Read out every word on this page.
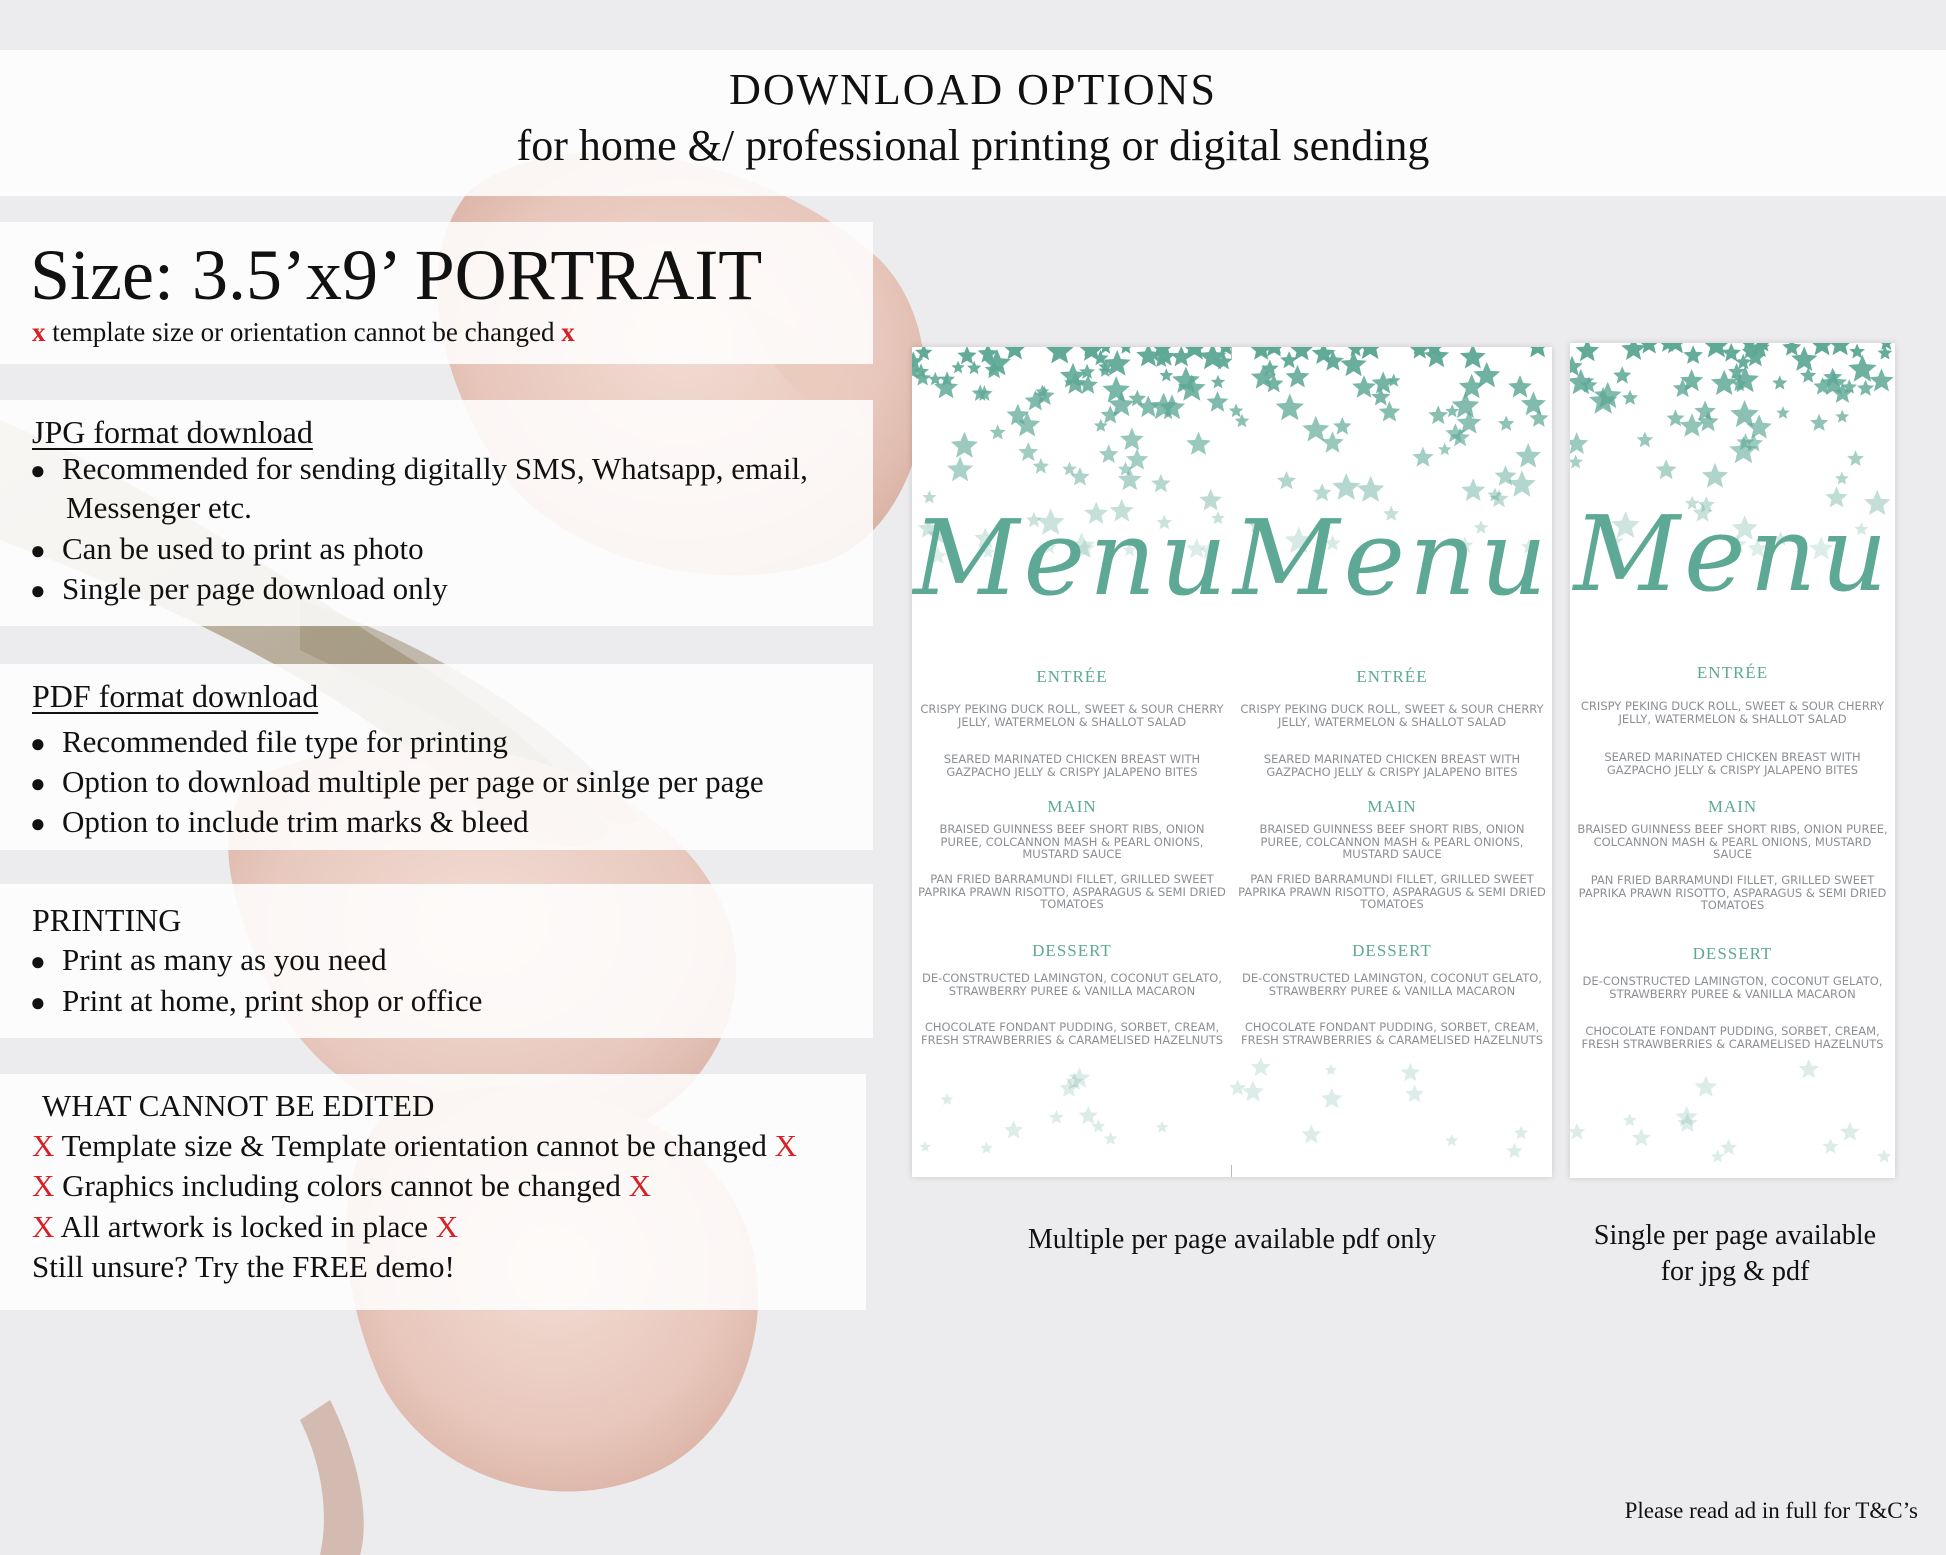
DOWNLOAD OPTIONS
for home &/ professional printing or digital sending
Size: 3.5’x9’ PORTRAIT
x template size or orientation cannot be changed x
JPG format download
● Recommended for sending digitally SMS, Whatsapp, email,
Messenger etc.
● Can be used to print as photo
● Single per page download only
PDF format download
● Recommended file type for printing
● Option to download multiple per page or sinlge per page
● Option to include trim marks & bleed
PRINTING
● Print as many as you need
● Print at home, print shop or office
WHAT CANNOT BE EDITED
X Template size & Template orientation cannot be changed X
X Graphics including colors cannot be changed X
X All artwork is locked in place X
Still unsure? Try the FREE demo!
Menu
ENTRÉE
CRISPY PEKING DUCK ROLL, SWEET & SOUR CHERRY JELLY, WATERMELON & SHALLOT SALAD
SEARED MARINATED CHICKEN BREAST WITH GAZPACHO JELLY & CRISPY JALAPENO BITES
MAIN
BRAISED GUINNESS BEEF SHORT RIBS, ONION PUREE, COLCANNON MASH & PEARL ONIONS, MUSTARD SAUCE
PAN FRIED BARRAMUNDI FILLET, GRILLED SWEET PAPRIKA PRAWN RISOTTO, ASPARAGUS & SEMI DRIED TOMATOES
DESSERT
DE-CONSTRUCTED LAMINGTON, COCONUT GELATO, STRAWBERRY PUREE & VANILLA MACARON
CHOCOLATE FONDANT PUDDING, SORBET, CREAM, FRESH STRAWBERRIES & CARAMELISED HAZELNUTS
Menu
ENTRÉE
CRISPY PEKING DUCK ROLL, SWEET & SOUR CHERRY JELLY, WATERMELON & SHALLOT SALAD
SEARED MARINATED CHICKEN BREAST WITH GAZPACHO JELLY & CRISPY JALAPENO BITES
MAIN
BRAISED GUINNESS BEEF SHORT RIBS, ONION PUREE, COLCANNON MASH & PEARL ONIONS, MUSTARD SAUCE
PAN FRIED BARRAMUNDI FILLET, GRILLED SWEET PAPRIKA PRAWN RISOTTO, ASPARAGUS & SEMI DRIED TOMATOES
DESSERT
DE-CONSTRUCTED LAMINGTON, COCONUT GELATO, STRAWBERRY PUREE & VANILLA MACARON
CHOCOLATE FONDANT PUDDING, SORBET, CREAM, FRESH STRAWBERRIES & CARAMELISED HAZELNUTS
Menu
ENTRÉE
CRISPY PEKING DUCK ROLL, SWEET & SOUR CHERRY JELLY, WATERMELON & SHALLOT SALAD
SEARED MARINATED CHICKEN BREAST WITH GAZPACHO JELLY & CRISPY JALAPENO BITES
MAIN
BRAISED GUINNESS BEEF SHORT RIBS, ONION PUREE, COLCANNON MASH & PEARL ONIONS, MUSTARD SAUCE
PAN FRIED BARRAMUNDI FILLET, GRILLED SWEET PAPRIKA PRAWN RISOTTO, ASPARAGUS & SEMI DRIED TOMATOES
DESSERT
DE-CONSTRUCTED LAMINGTON, COCONUT GELATO, STRAWBERRY PUREE & VANILLA MACARON
CHOCOLATE FONDANT PUDDING, SORBET, CREAM, FRESH STRAWBERRIES & CARAMELISED HAZELNUTS
Multiple per page available pdf only	Single per page available
for jpg & pdf
Please read ad in full for T&C’s
